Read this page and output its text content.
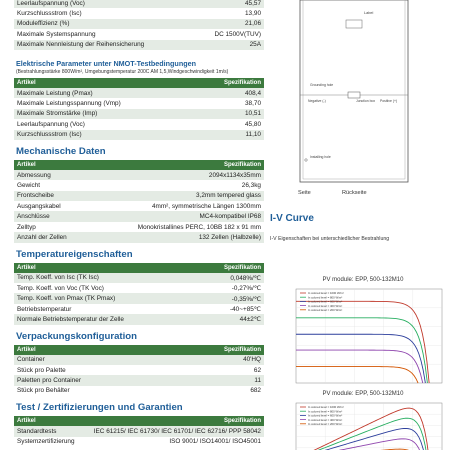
Leerlaufspannung (Voc)	45,57
Kurzschlussstrom (Isc)	13,90
Moduleffizienz (%)	21,06
Maximale Systemspannung	DC 1500V(TUV)
Maximale Nennleistung der Reihensicherung	25A
Elektrische Parameter unter NMOT-Testbedingungen
(Bestrahlungsstärke 800W/m², Umgebungstemperatur 200C AM 1,5,Windgeschwindigkeit 1m/s)
Artikel	Spezifikation
Maximale Leistung (Pmax)	408,4
Maximale Leistungsspannung (Vmp)	38,70
Maximale Stromstärke (Imp)	10,51
Leerlaufspannung (Voc)	45,80
Kurzschlussstrom (Isc)	11,10
Mechanische Daten
Artikel	Spezifikation
Abmessung	2094x1134x35mm
Gewicht	26,3kg
Frontscheibe	3,2mm tempered glass
Ausgangskabel	4mm², symmetrische Längen 1300mm
Anschlüsse	MC4-kompatibel IP68
Zelltyp	Monokristallines PERC, 10BB 182 x 91 mm
Anzahl der Zellen	132 Zellen (Halbzelle)
Temperatureigenschaften
Artikel	Spezifikation
Temp. Koeff. von Isc (TK Isc)	0,048%/℃
Temp. Koeff. von Voc (TK Voc)	-0,27%/℃
Temp. Koeff. von Pmax (TK Pmax)	-0,35%/℃
Betriebstemperatur	-40~+85℃
Normale Betriebstemperatur der Zelle	44±2℃
Verpackungskonfiguration
Artikel	Spezifikation
Container	40'HQ
Stück pro Palette	62
Paletten pro Container	11
Stück pro Behälter	682
Test / Zertifizierungen und Garantien
Artikel	Spezifikation
Standardtests	IEC 61215/ IEC 61730/ IEC 61701/ IEC 62716/ PPP 58042
Systemzertifizierung	ISO 9001/ ISO14001/ ISO45001
Label
Grounding hole
Negative (-)	Positive (+)
Junction box
Installing hole
Seite	Rückseite
I-V Curve
I-V Eigenschaften bei unterschiedlicher Bestrahlung
PV module: EPP, 500-132M10
In colored level = 1000 W/m²
In colored level = 800 W/m²
In colored level = 600 W/m²
In colored level = 400 W/m²
In colored level = 200 W/m²
PV module: EPP, 500-132M10
In colored level = 1000 W/m²
In colored level = 800 W/m²
In colored level = 600 W/m²
In colored level = 400 W/m²
In colored level = 200 W/m²
